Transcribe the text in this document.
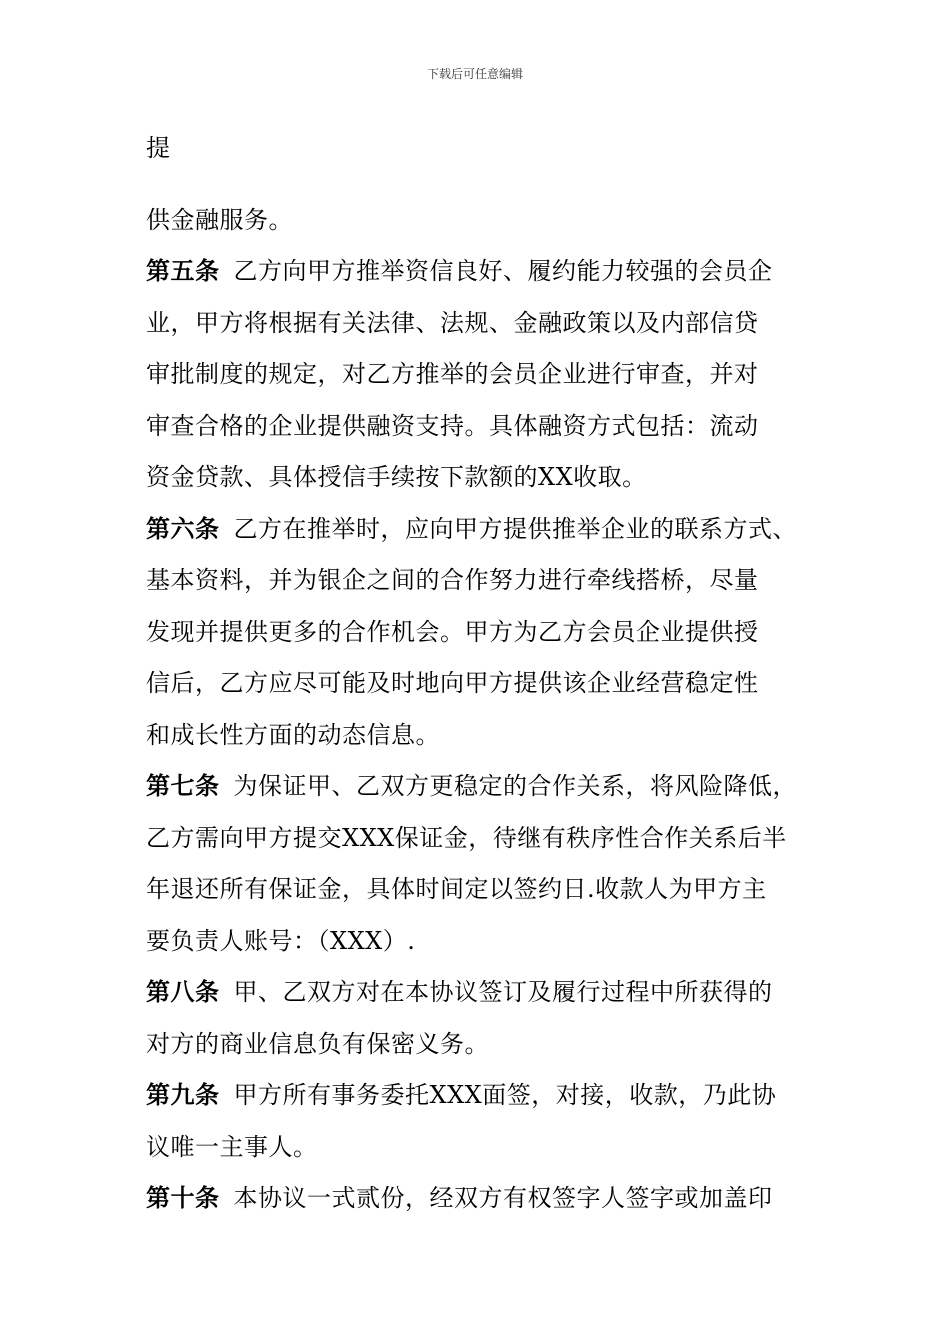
下载后可任意编辑
提
供金融服务。
第五条 乙方向甲方推举资信良好、履约能力较强的会员企
业，甲方将根据有关法律、法规、金融政策以及内部信贷
审批制度的规定，对乙方推举的会员企业进行审查，并对
审查合格的企业提供融资支持。具体融资方式包括：流动
资金贷款、具体授信手续按下款额的XX收取。
第六条 乙方在推举时，应向甲方提供推举企业的联系方式、
基本资料，并为银企之间的合作努力进行牵线搭桥，尽量
发现并提供更多的合作机会。甲方为乙方会员企业提供授
信后，乙方应尽可能及时地向甲方提供该企业经营稳定性
和成长性方面的动态信息。
第七条 为保证甲、乙双方更稳定的合作关系，将风险降低，
乙方需向甲方提交XXX保证金，待继有秩序性合作关系后半
年退还所有保证金，具体时间定以签约日.收款人为甲方主
要负责人账号：（XXX）.
第八条 甲、乙双方对在本协议签订及履行过程中所获得的
对方的商业信息负有保密义务。
第九条 甲方所有事务委托XXX面签，对接，收款，乃此协
议唯一主事人。
第十条 本协议一式贰份，经双方有权签字人签字或加盖印
